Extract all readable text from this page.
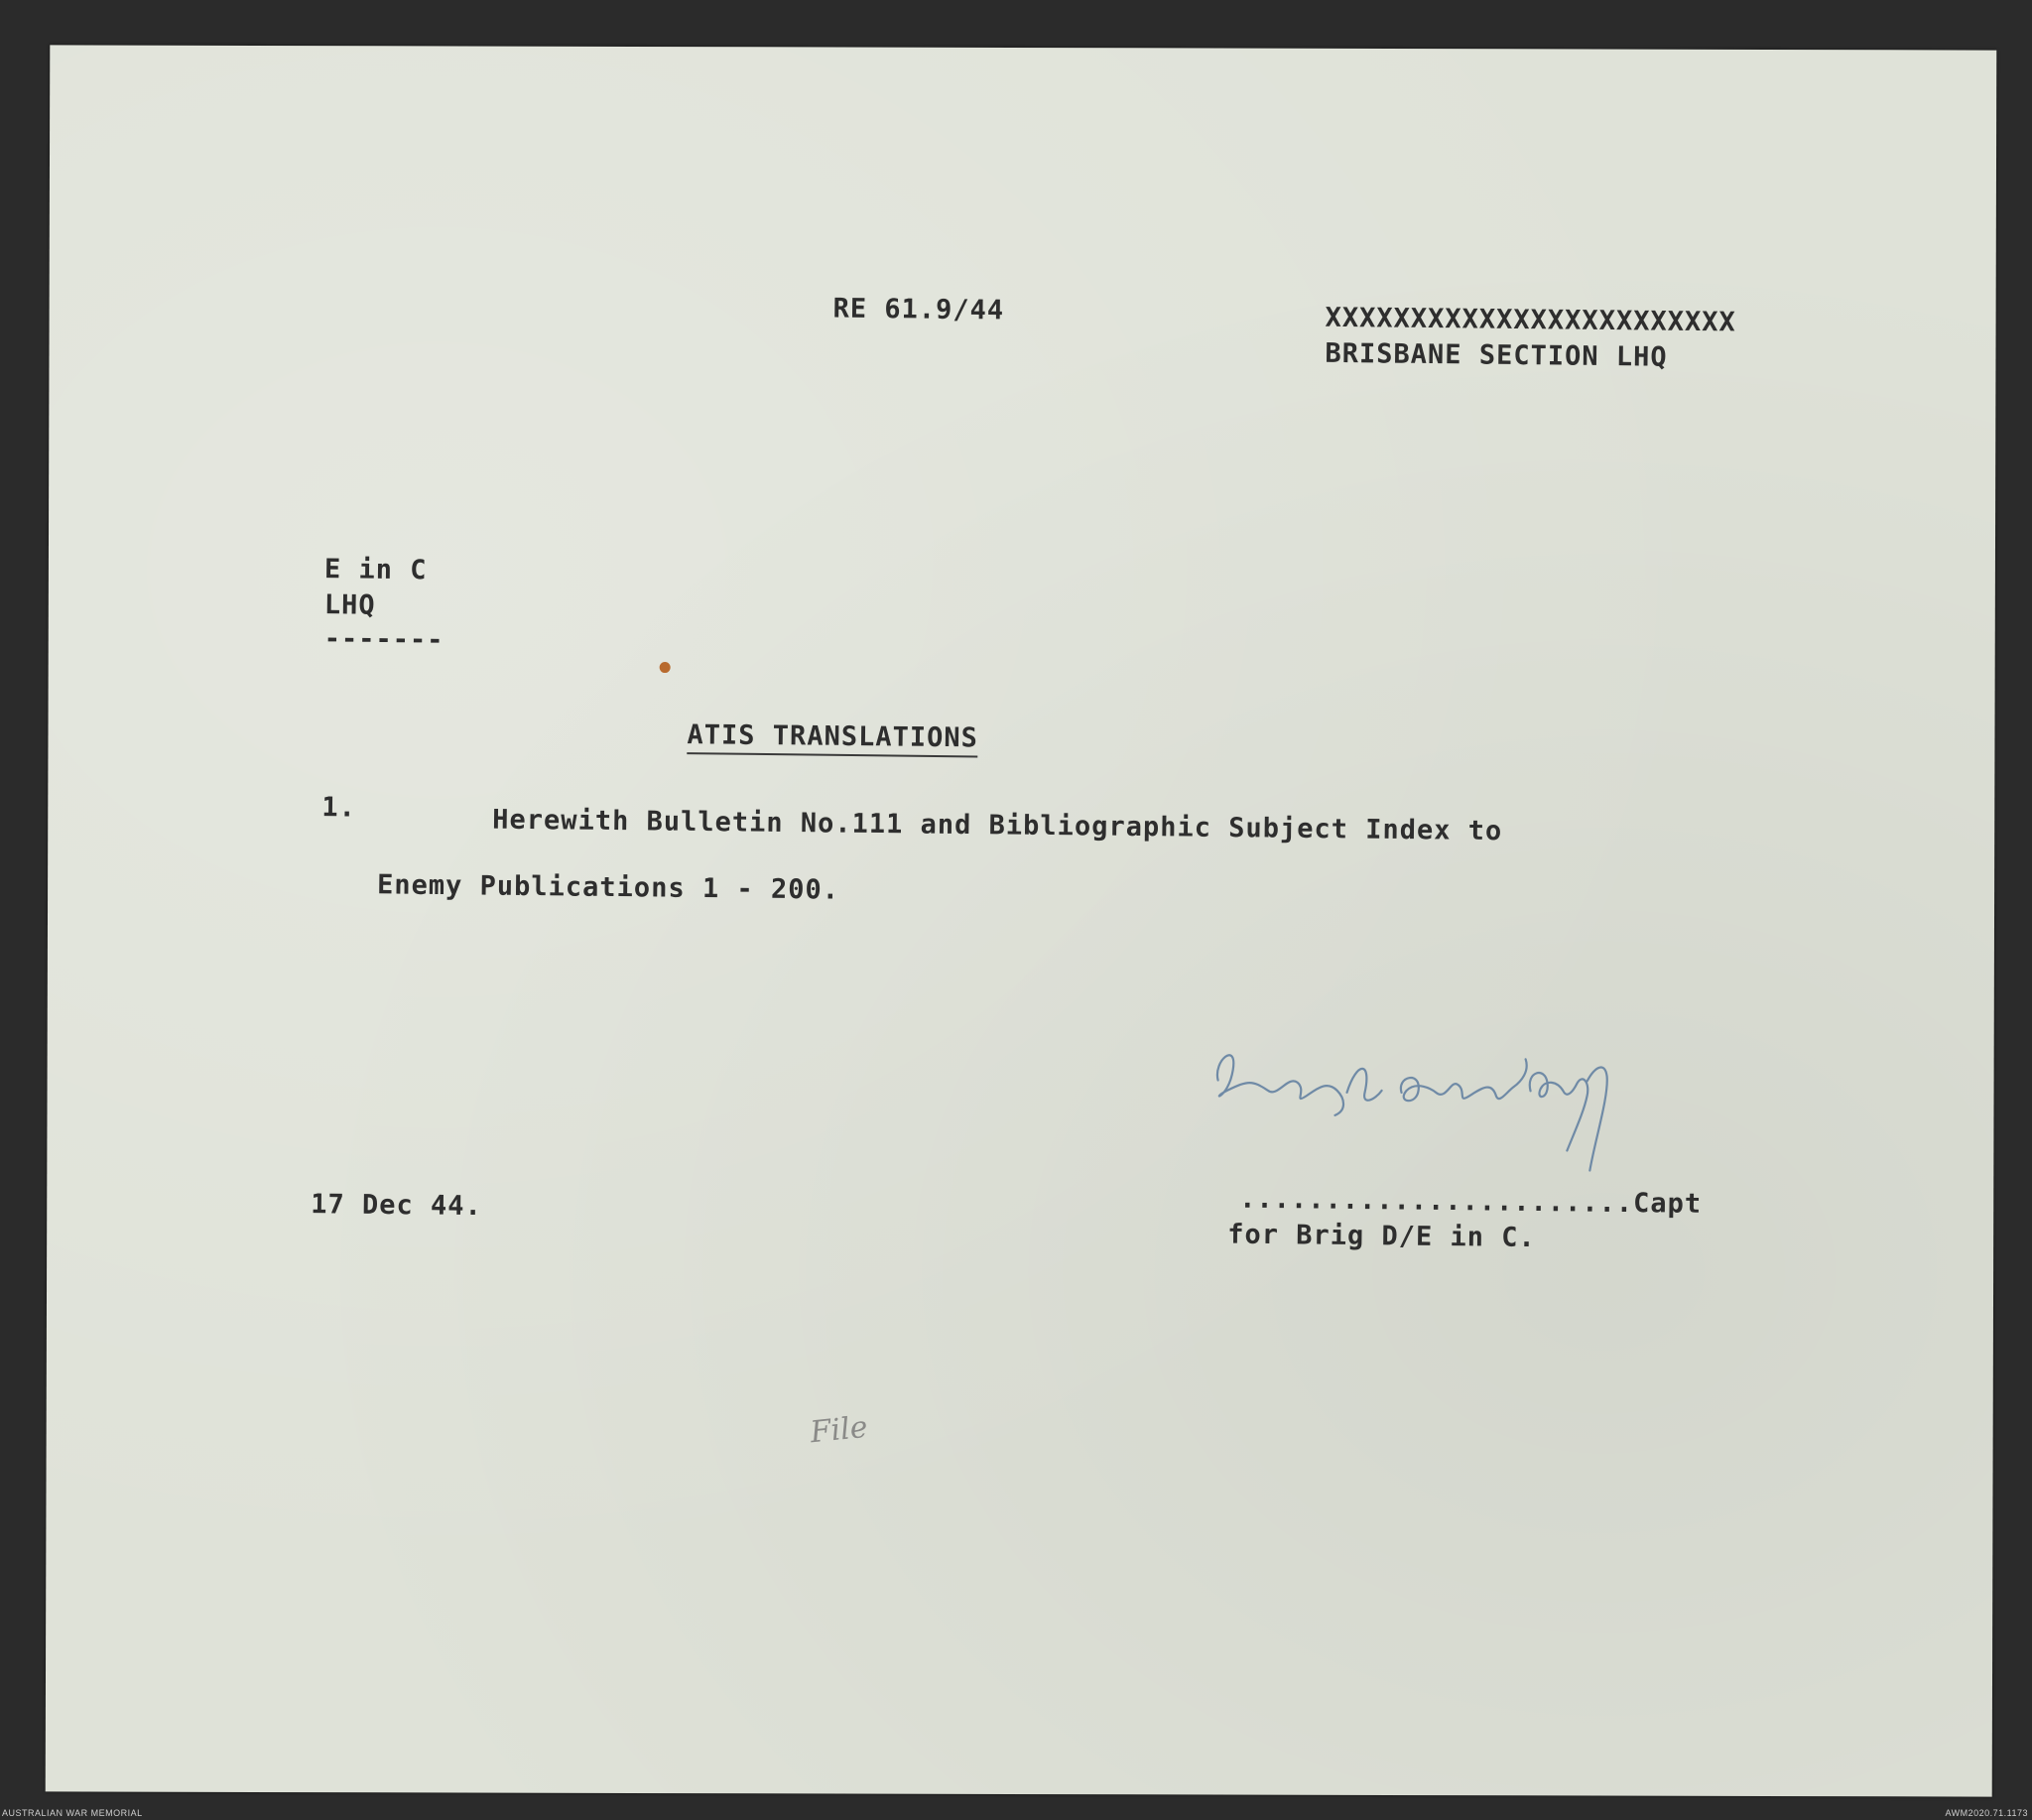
RE 61.9/44	XXXXXXXXXXXXXXXXXXXXXXXX
BRISBANE SECTION LHQ
E in C
LHQ
-------
ATIS TRANSLATIONS
1.	Herewith Bulletin No.111 and Bibliographic Subject Index to
Enemy Publications 1 - 200.
17 Dec 44.	.......................Capt
for Brig D/E in C.
File
AUSTRALIAN WAR MEMORIAL	AWM2020.71.1173
